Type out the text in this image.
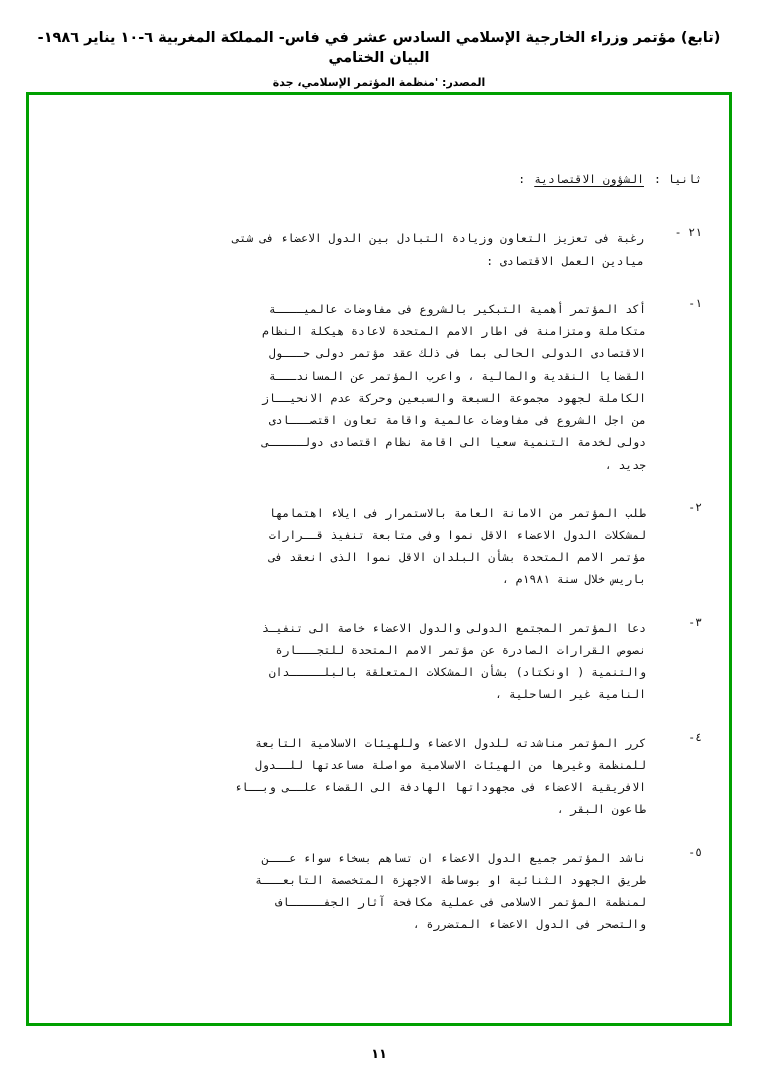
(تابع) مؤتمر وزراء الخارجية الإسلامي السادس عشر في فاس- المملكة المغربية ٦-١٠ يناير ١٩٨٦- البيان الختامي
المصدر: 'منظمة المؤتمر الإسلامي، جدة
ثانيا :
الشؤون الاقتصادية
:
٢١ -
رغبة فى تعزيز التعاون وزيادة التبادل بين الدول الاعضاء فى شتى
ميادين العمل الاقتصادى :
١-
أكد المؤتمر أهمية التبكير بالشروع فى مفاوضات عالميــــة
متكاملة ومتزامنة فى اطار الامم المتحدة لاعادة هيكلة النظام
الاقتصادى الدولى الحالى بما فى ذلك عقد مؤتمر دولى حـــول
القضايا النقدية والمالية ، واعرب المؤتمر عن المساندـــة
الكاملة لجهود مجموعة السبعة والسبعين وحركة عدم الانحيــاز
من اجل الشروع فى مفاوضات عالمية واقامة تعاون اقتصـــادى
دولى لخدمة التنمية سعيا الى اقامة نظام اقتصادى دولـــــى
جديد ،
٢-
طلب المؤتمر من الامانة العامة بالاستمرار فى ايلاء اهتمامها
لمشكلات الدول الاعضاء الاقل نموا وفى متابعة تنفيذ قــرارات
مؤتمر الامم المتحدة بشأن البلدان الاقل نموا الذى انعقد فى
باريس خلال سنة ١٩٨١م ،
٣-
دعا المؤتمر المجتمع الدولى والدول الاعضاء خاصة الى تنفيـذ
نصوص القرارات الصادرة عن مؤتمر الامم المتحدة للتجـــارة
والتنمية ( اونكتاد) بشأن المشكلات المتعلقة بالبلـــــدان
النامية غير الساحلية ،
٤-
كرر المؤتمر مناشدته للدول الاعضاء وللهيئات الاسلامية التابعة
للمنظمة وغيرها من الهيئات الاسلامية مواصلة مساعدتها للــدول
الافريقية الاعضاء فى مجهوداتها الهادفة الى القضاء علــى وبــاء
طاعون البقر ،
٥-
ناشد المؤتمر جميع الدول الاعضاء ان تساهم بسخاء سواء عـــن
طريق الجهود الثنائية او بوساطة الاجهزة المتخصصة التابعـــة
لمنظمة المؤتمر الاسلامى فى عملية مكافحة آثار الجفـــــاف
والتصحر فى الدول الاعضاء المتضررة ،
١١
